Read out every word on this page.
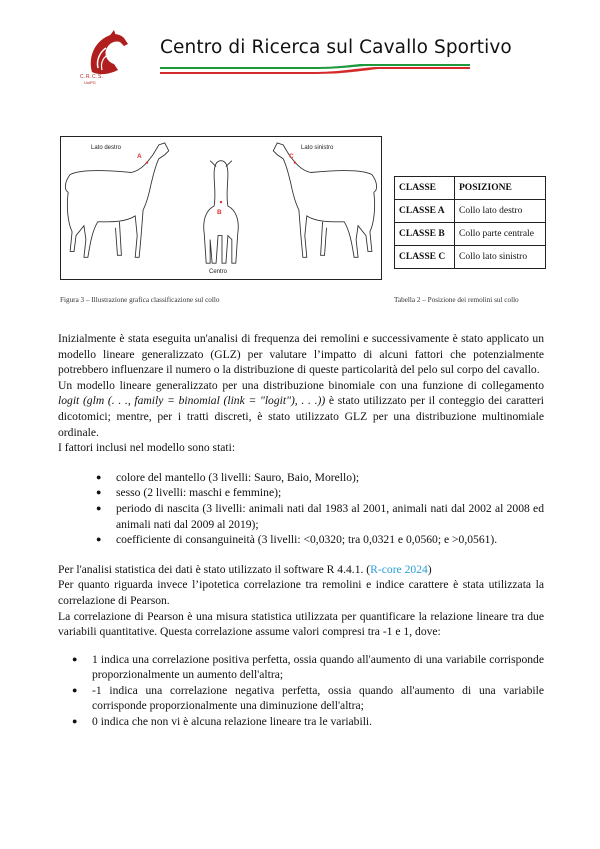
C.R.C.S.
UniPG
Centro di Ricerca sul Cavallo Sportivo
Lato destro	Lato sinistro
Centro
A
B
C
CLASSE	POSIZIONE
CLASSE A	Collo lato destro
CLASSE B	Collo parte centrale
CLASSE C	Collo lato sinistro
Figura 3 – Illustrazione grafica classificazione sul collo	Tabella 2 – Posizione dei remolini sul collo

Inizialmente è stata eseguita un'analisi di frequenza dei remolini e successivamente è stato applicato un modello lineare generalizzato (GLZ) per valutare l’impatto di alcuni fattori che potenzialmente potrebbero influenzare il numero o la distribuzione di queste particolarità del pelo sul corpo del cavallo.

Un modello lineare generalizzato per una distribuzione binomiale con una funzione di collegamento logit (glm (. . ., family = binomial (link = "logit"), . . .)) è stato utilizzato per il conteggio dei caratteri dicotomici; mentre, per i tratti discreti, è stato utilizzato GLZ per una distribuzione multinomiale ordinale.

I fattori inclusi nel modello sono stati:

● colore del mantello (3 livelli: Sauro, Baio, Morello);
● sesso (2 livelli: maschi e femmine);
● periodo di nascita (3 livelli: animali nati dal 1983 al 2001, animali nati dal 2002 al 2008 ed animali nati dal 2009 al 2019);
● coefficiente di consanguineità (3 livelli: <0,0320; tra 0,0321 e 0,0560; e >0,0561).

Per l'analisi statistica dei dati è stato utilizzato il software R 4.4.1. (R-core 2024)

Per quanto riguarda invece l’ipotetica correlazione tra remolini e indice carattere è stata utilizzata la correlazione di Pearson.

La correlazione di Pearson è una misura statistica utilizzata per quantificare la relazione lineare tra due variabili quantitative. Questa correlazione assume valori compresi tra -1 e 1, dove:

● 1 indica una correlazione positiva perfetta, ossia quando all'aumento di una variabile corrisponde proporzionalmente un aumento dell'altra;
● -1 indica una correlazione negativa perfetta, ossia quando all'aumento di una variabile corrisponde proporzionalmente una diminuzione dell'altra;
● 0 indica che non vi è alcuna relazione lineare tra le variabili.
